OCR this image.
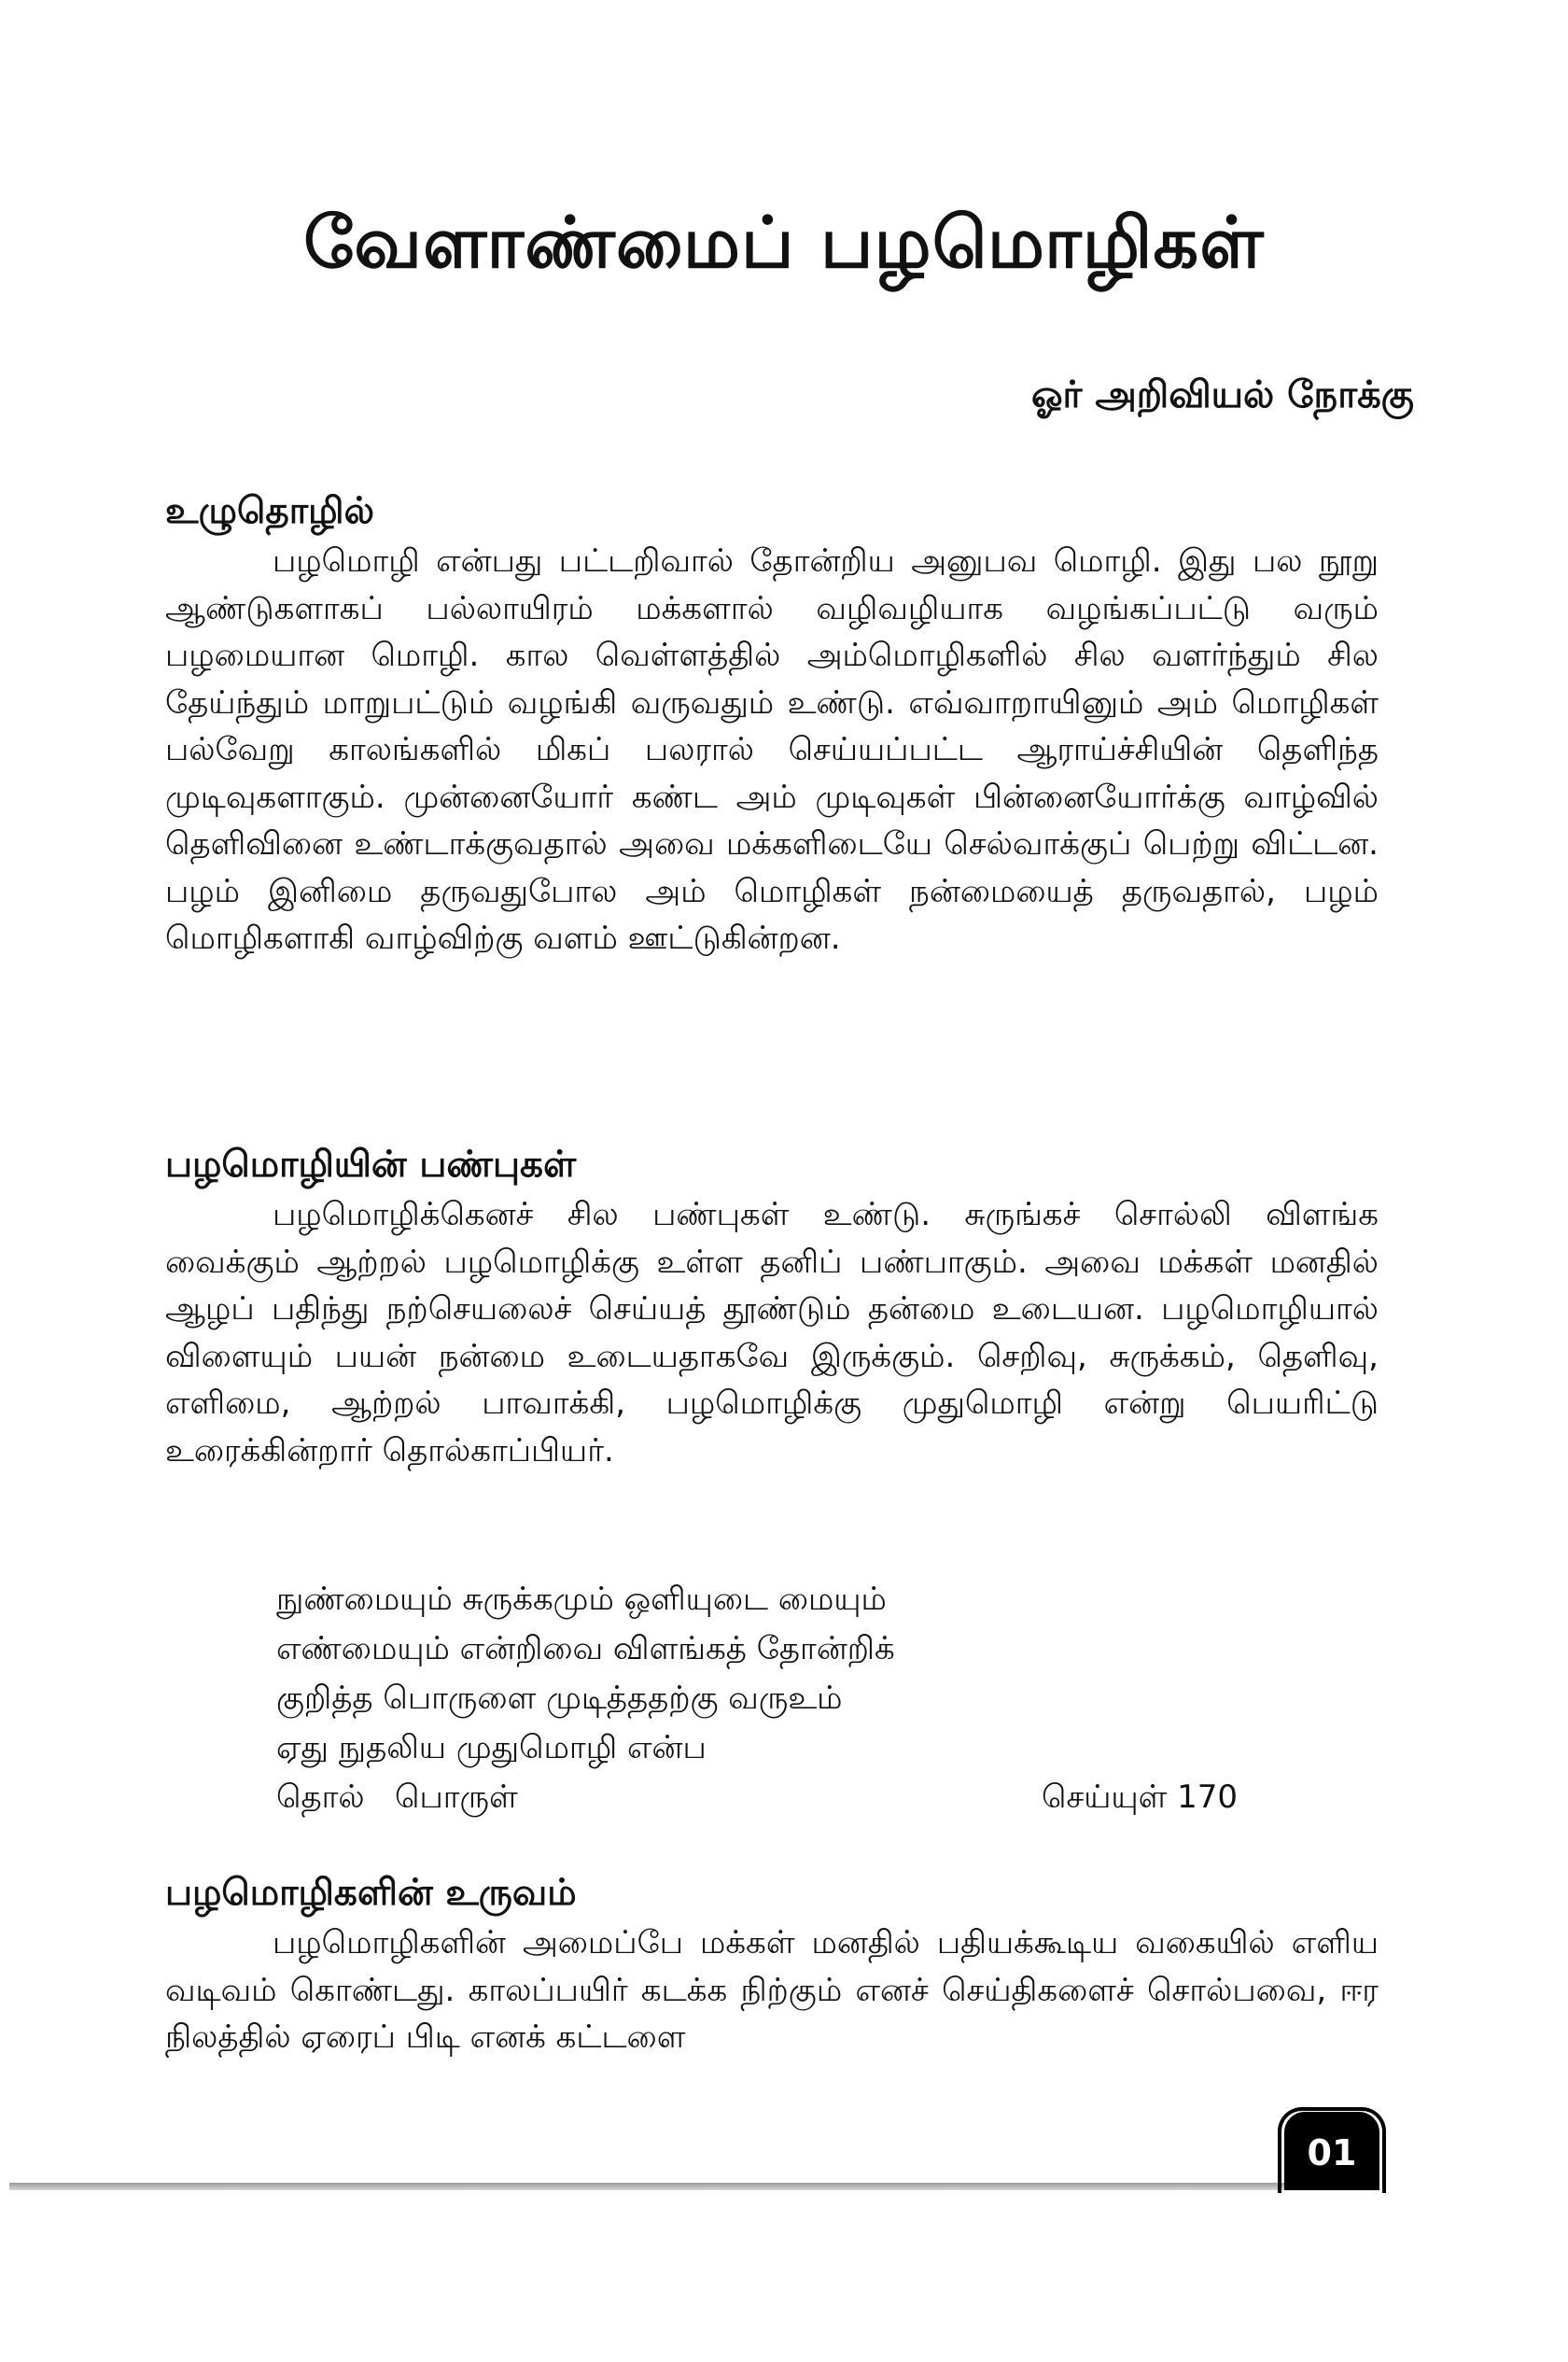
வேளாண்மைப் பழமொழிகள்
ஓர் அறிவியல் நோக்கு
உழுதொழில்

பழமொழி என்பது பட்டறிவால் தோன்றிய அனுபவ மொழி. இது பல நூறு ஆண்டுகளாகப் பல்லாயிரம் மக்களால் வழிவழியாக வழங்கப்பட்டு வரும் பழமையான மொழி. கால வெள்ளத்தில் அம்மொழிகளில் சில வளர்ந்தும் சில தேய்ந்தும் மாறுபட்டும் வழங்கி வருவதும் உண்டு. எவ்வாறாயினும் அம் மொழிகள் பல்வேறு காலங்களில் மிகப் பலரால் செய்யப்பட்ட ஆராய்ச்சியின் தெளிந்த முடிவுகளாகும். முன்னையோர் கண்ட அம் முடிவுகள் பின்னையோர்க்கு வாழ்வில் தெளிவினை உண்டாக்குவதால் அவை மக்களிடையே செல்வாக்குப் பெற்று விட்டன. பழம் இனிமை தருவதுபோல அம் மொழிகள் நன்மையைத் தருவதால், பழம் மொழிகளாகி வாழ்விற்கு வளம் ஊட்டுகின்றன.

பழமொழியின் பண்புகள்

பழமொழிக்கெனச் சில பண்புகள் உண்டு. சுருங்கச் சொல்லி விளங்க வைக்கும் ஆற்றல் பழமொழிக்கு உள்ள தனிப் பண்பாகும். அவை மக்கள் மனதில் ஆழப் பதிந்து நற்செயலைச் செய்யத் தூண்டும் தன்மை உடையன. பழமொழியால் விளையும் பயன் நன்மை உடையதாகவே இருக்கும். செறிவு, சுருக்கம், தெளிவு, எளிமை, ஆற்றல் பாவாக்கி, பழமொழிக்கு முதுமொழி என்று பெயரிட்டு உரைக்கின்றார் தொல்காப்பியர்.

நுண்மையும் சுருக்கமும் ஒளியுடை மையும்

எண்மையும் என்றிவை விளங்கத் தோன்றிக்

குறித்த பொருளை முடித்ததற்கு வருஉம்

ஏது நுதலிய முதுமொழி என்ப

தொல்   பொருள்	செய்யுள் 170
பழமொழிகளின் உருவம்

பழமொழிகளின் அமைப்பே மக்கள் மனதில் பதியக்கூடிய வகையில் எளிய வடிவம் கொண்டது. காலப்பயிர் கடக்க நிற்கும் எனச் செய்திகளைச் சொல்பவை, ஈர நிலத்தில் ஏரைப் பிடி எனக் கட்டளை

01
